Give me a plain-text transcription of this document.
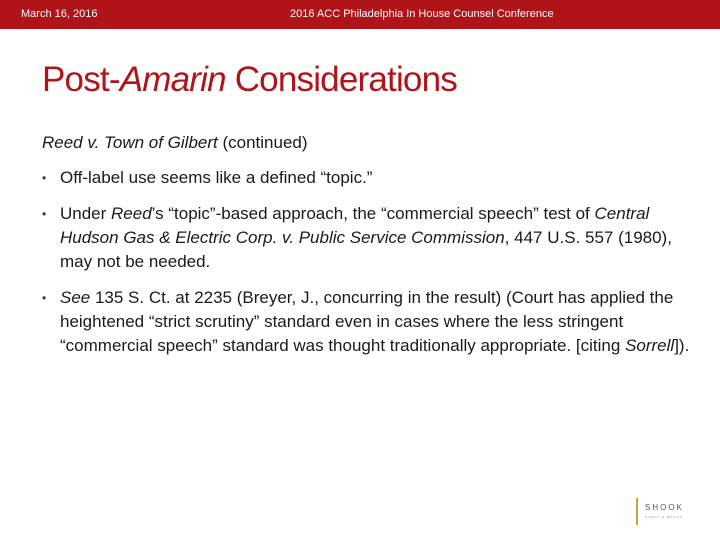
March 16, 2016	2016 ACC Philadelphia In House Counsel Conference
Post-Amarin Considerations
Reed v. Town of Gilbert (continued)
• Off-label use seems like a defined “topic.”
• Under Reed’s “topic”-based approach, the “commercial speech” test of Central Hudson Gas & Electric Corp. v. Public Service Commission, 447 U.S. 557 (1980), may not be needed.
• See 135 S. Ct. at 2235 (Breyer, J., concurring in the result) (Court has applied the heightened “strict scrutiny” standard even in cases where the less stringent “commercial speech” standard was thought traditionally appropriate. [citing Sorrell]).
SHOOK
HARDY & BACON
